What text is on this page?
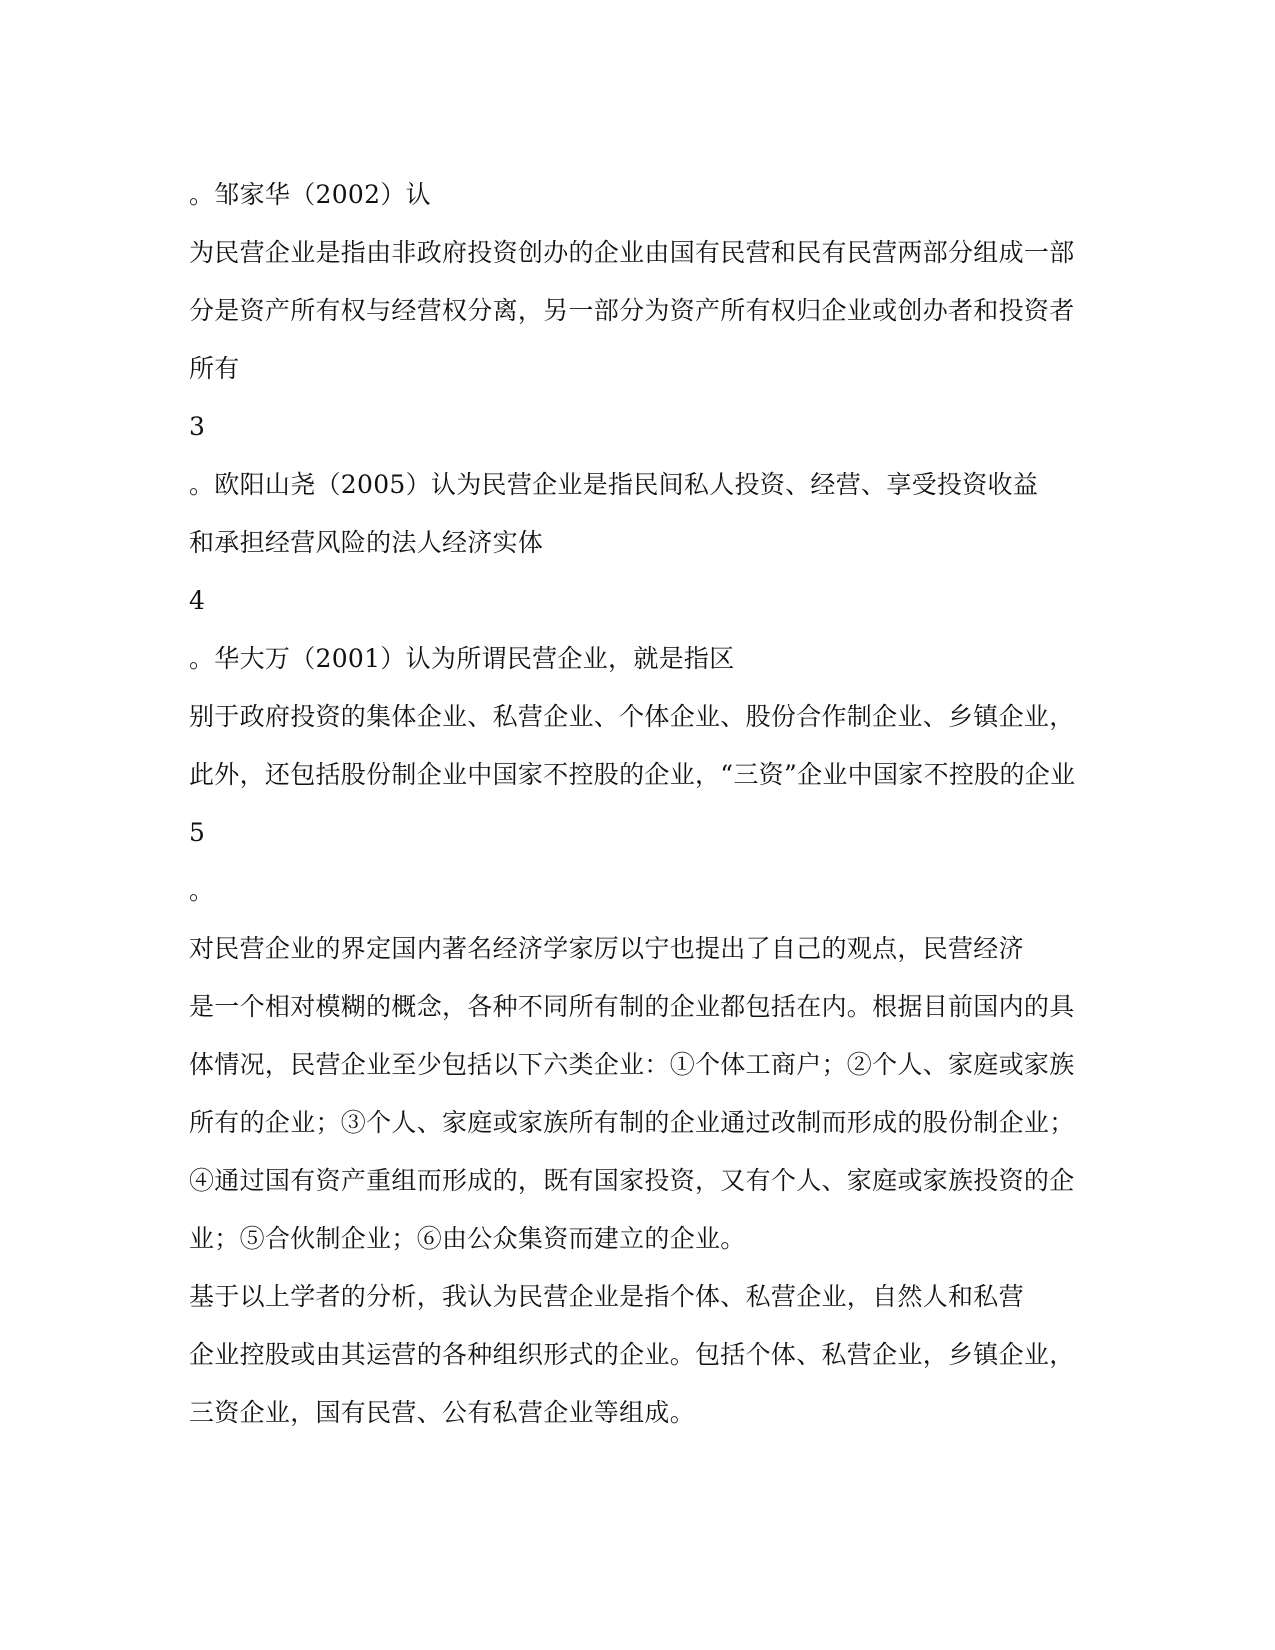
。邹家华（2002）认
为民营企业是指由非政府投资创办的企业由国有民营和民有民营两部分组成一部
分是资产所有权与经营权分离，另一部分为资产所有权归企业或创办者和投资者
所有
3
。欧阳山尧（2005）认为民营企业是指民间私人投资、经营、享受投资收益
和承担经营风险的法人经济实体
4
。华大万（2001）认为所谓民营企业，就是指区
别于政府投资的集体企业、私营企业、个体企业、股份合作制企业、乡镇企业，
此外，还包括股份制企业中国家不控股的企业，“三资”企业中国家不控股的企业
5
。
对民营企业的界定国内著名经济学家厉以宁也提出了自己的观点，民营经济
是一个相对模糊的概念，各种不同所有制的企业都包括在内。根据目前国内的具
体情况，民营企业至少包括以下六类企业：①个体工商户；②个人、家庭或家族
所有的企业；③个人、家庭或家族所有制的企业通过改制而形成的股份制企业；
④通过国有资产重组而形成的，既有国家投资，又有个人、家庭或家族投资的企
业；⑤合伙制企业；⑥由公众集资而建立的企业。
基于以上学者的分析，我认为民营企业是指个体、私营企业，自然人和私营
企业控股或由其运营的各种组织形式的企业。包括个体、私营企业，乡镇企业，
三资企业，国有民营、公有私营企业等组成。
